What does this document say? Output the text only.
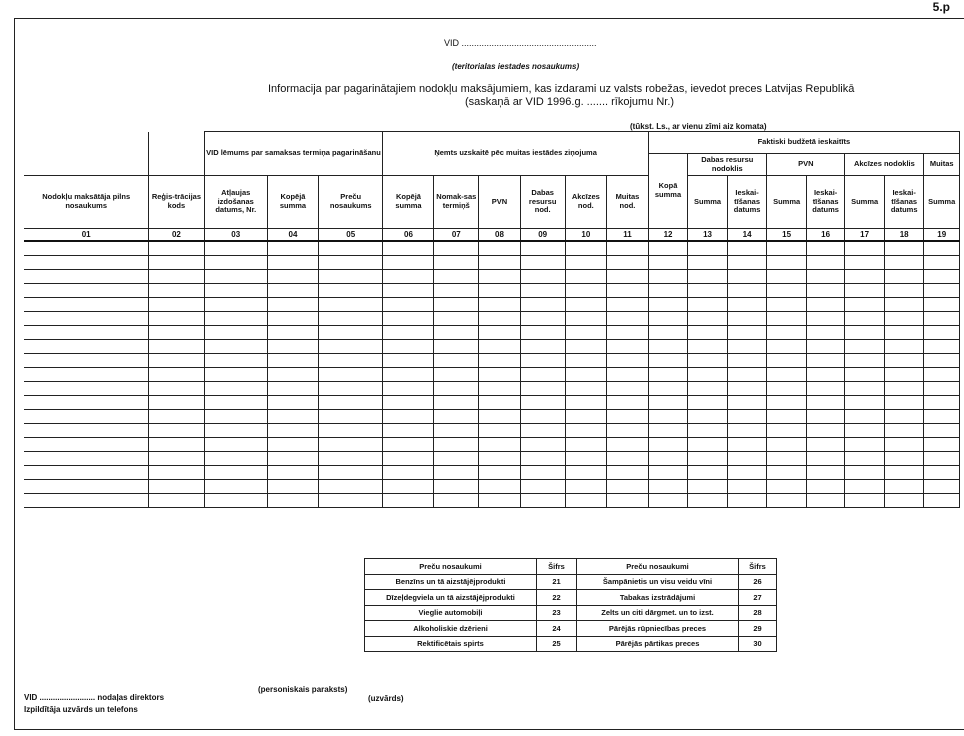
5.p
VID ......................................................
(teritorialas iestades nosaukums)
Informacija par pagarinātajiem nodokļu maksājumiem, kas izdarami uz valsts robežas, ievedot preces Latvijas Republikā
(saskaņā ar VID 1996.g. ....... rīkojumu Nr.)
(tūkst. Ls., ar vienu zīmi aiz komata)
		VID lēmums par samaksas termiņa pagarināšanu			Ņemts uzskaitē pēc muitas iestādes ziņojuma						Faktiski budžetā ieskaitīts							
											Kopā summa	Dabas resursu nodoklis		PVN		Akcīzes nodoklis		Muitas
		Atļaujas izdošanas datums, Nr.	Kopējā summa	Preču nosaukums	Kopējā summa	Nomak-sas termiņš	PVN	Dabas resursu nod.	Akcīzes nod.	Muitas nod.		Summa	Ieskai-tīšanas datums	Summa	Ieskai-tīšanas datums	Summa	Ieskai-tīšanas datums	Summa
Nodokļu maksātāja pilns nosaukums	Reģis-trācijas kods																	
01	02	03	04	05	06	07	08	09	10	11	12	13	14	15	16	17	18	19

Preču nosaukumi	Šifrs	Preču nosaukumi	Šifrs
Benzīns un tā aizstājējprodukti	21	Šampānietis un visu veidu vīni	26
Dīzeļdegviela un tā aizstājējprodukti	22	Tabakas izstrādājumi	27
Vieglie automobiļi	23	Zelts un citi dārgmet. un to izst.	28
Alkoholiskie dzērieni	24	Pārējās rūpniecības preces	29
Rektificētais spirts	25	Pārējās pārtikas preces	30
VID ......................... nodaļas direktors
(personiskais paraksts)
(uzvārds)
Izpildītāja uzvārds un telefons
